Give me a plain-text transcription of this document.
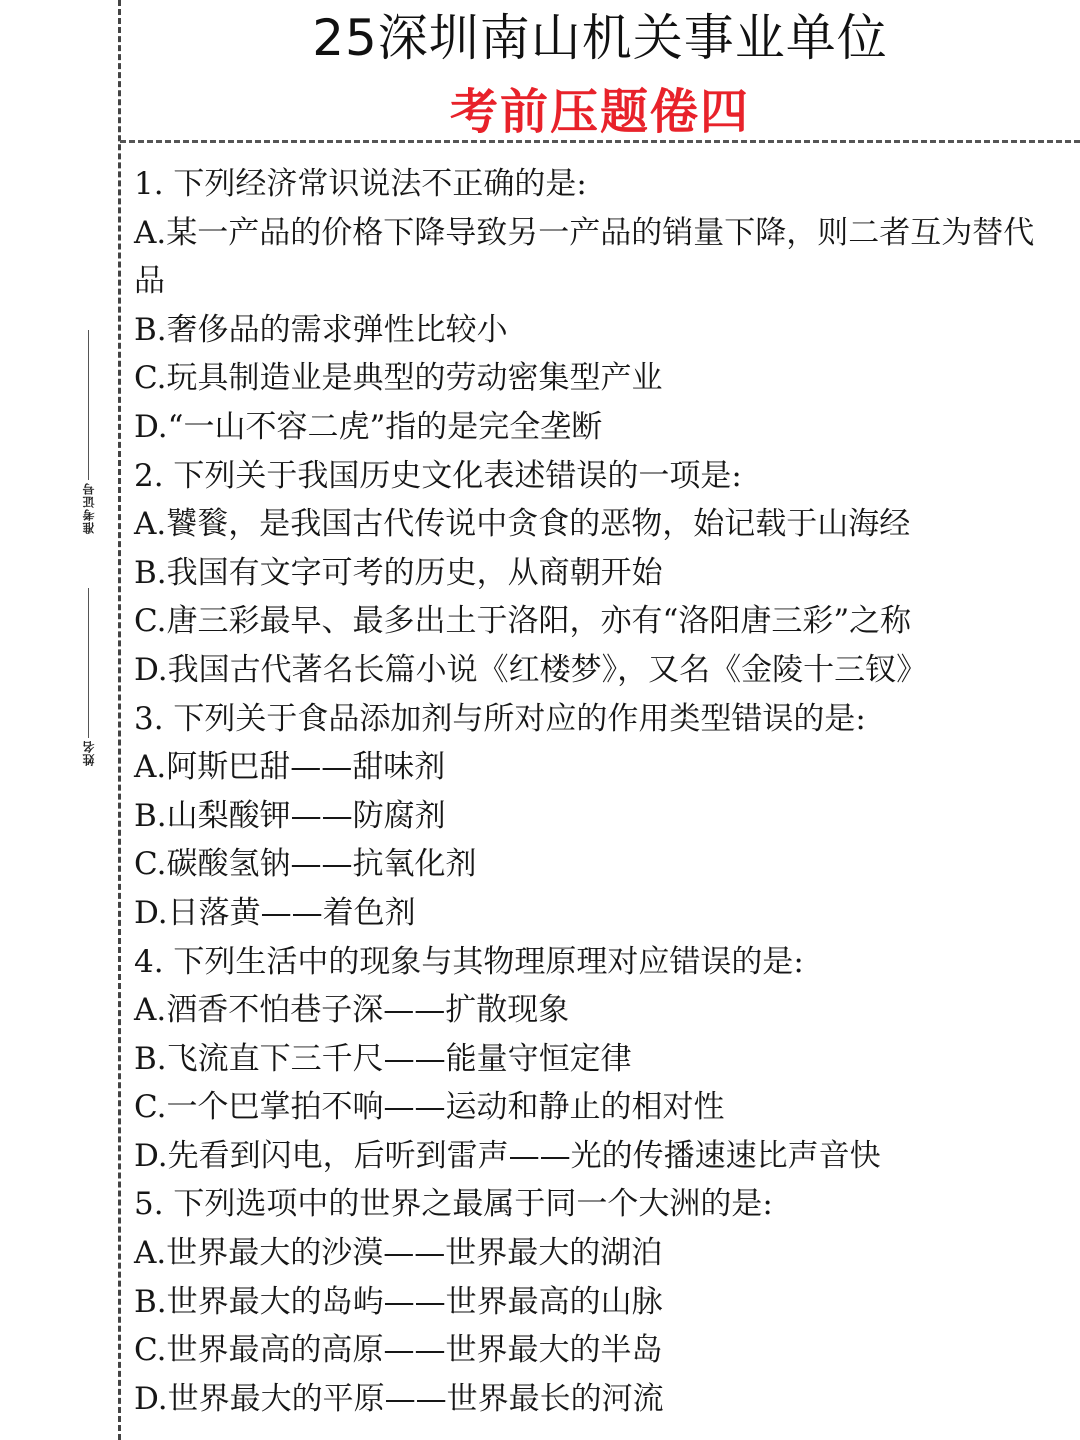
准考证号
姓名
25深圳南山机关事业单位
考前压题倦四
1. 下列经济常识说法不正确的是:
A.某一产品的价格下降导致另一产品的销量下降，则二者互为替代品
B.奢侈品的需求弹性比较小
C.玩具制造业是典型的劳动密集型产业
D.“一山不容二虎”指的是完全垄断
2. 下列关于我国历史文化表述错误的一项是:
A.饕餮，是我国古代传说中贪食的恶物，始记载于山海经
B.我国有文字可考的历史，从商朝开始
C.唐三彩最早、最多出土于洛阳，亦有“洛阳唐三彩”之称
D.我国古代著名长篇小说《红楼梦》，又名《金陵十三钗》
3. 下列关于食品添加剂与所对应的作用类型错误的是:
A.阿斯巴甜——甜味剂
B.山梨酸钾——防腐剂
C.碳酸氢钠——抗氧化剂
D.日落黄——着色剂
4. 下列生活中的现象与其物理原理对应错误的是:
A.酒香不怕巷子深——扩散现象
B.飞流直下三千尺——能量守恒定律
C.一个巴掌拍不响——运动和静止的相对性
D.先看到闪电，后听到雷声——光的传播速速比声音快
5. 下列选项中的世界之最属于同一个大洲的是:
A.世界最大的沙漠——世界最大的湖泊
B.世界最大的岛屿——世界最高的山脉
C.世界最高的高原——世界最大的半岛
D.世界最大的平原——世界最长的河流
